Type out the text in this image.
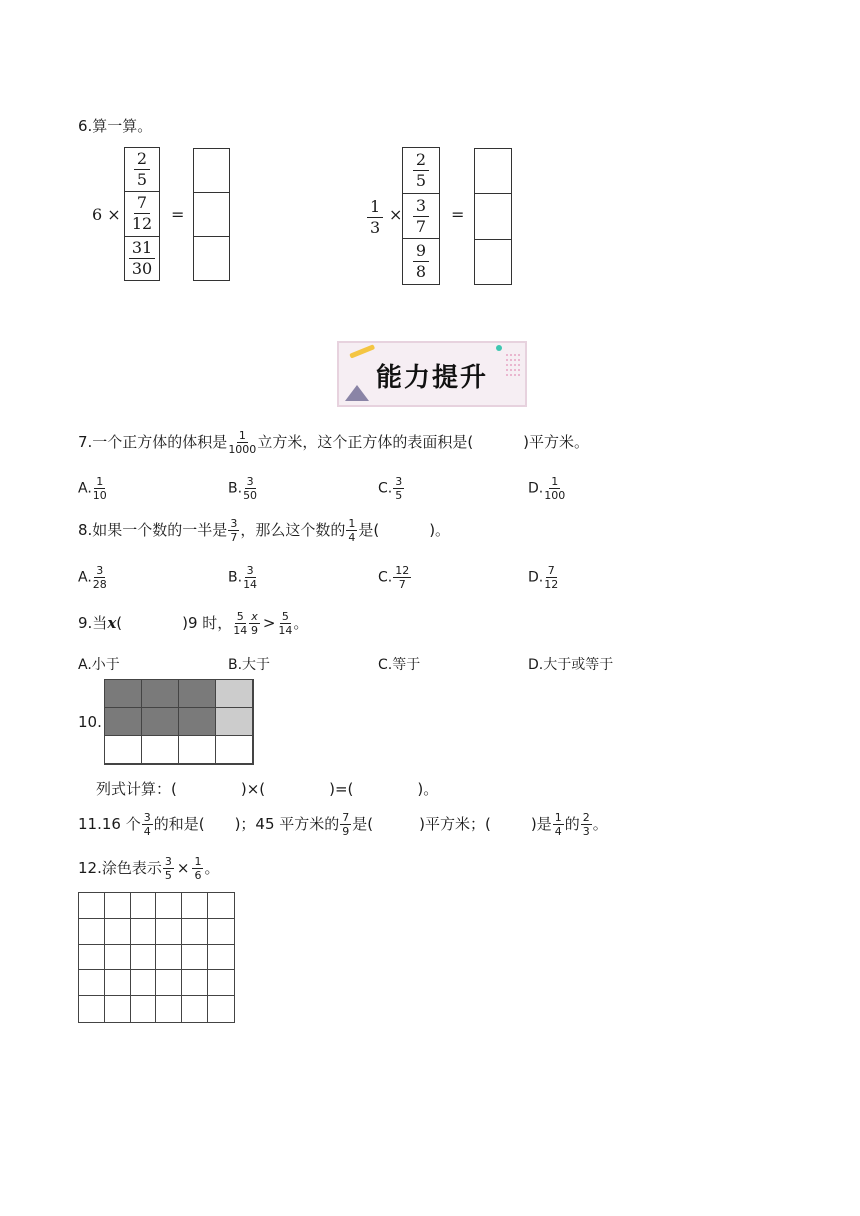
6.算一算。
6 ×
2
5
7
12
31
30
=	$\frac{1}{3}$ ×
2
5
3
7
9
8
=
能力提升
7.一个正方体的体积是 $\frac{1}{1000}$ 立方米，这个正方体的表面积是(	)平方米。
A. $\frac{1}{10}$	B. $\frac{3}{50}$	C. $\frac{3}{5}$	D. $\frac{1}{100}$
8.如果一个数的一半是 $\frac{3}{7}$ ，那么这个数的 $\frac{1}{4}$ 是(	)。
A. $\frac{3}{28}$	B. $\frac{3}{14}$	C. $\frac{12}{7}$	D. $\frac{7}{12}$
9.当x(	)9 时， $\frac{5}{14} \frac{x}{9} > \frac{5}{14}$ 。
A.小于	B.大于	C.等于	D.大于或等于
10.
列式计算：(	)×(	)=(	)。
11.16 个 $\frac{3}{4}$ 的和是( )；45 平方米的 $\frac{7}{9}$ 是(	)平方米；(	)是 $\frac{1}{4}$ 的 $\frac{2}{3}$ 。
12.涂色表示 $\frac{3}{5} \times \frac{1}{6}$ 。
